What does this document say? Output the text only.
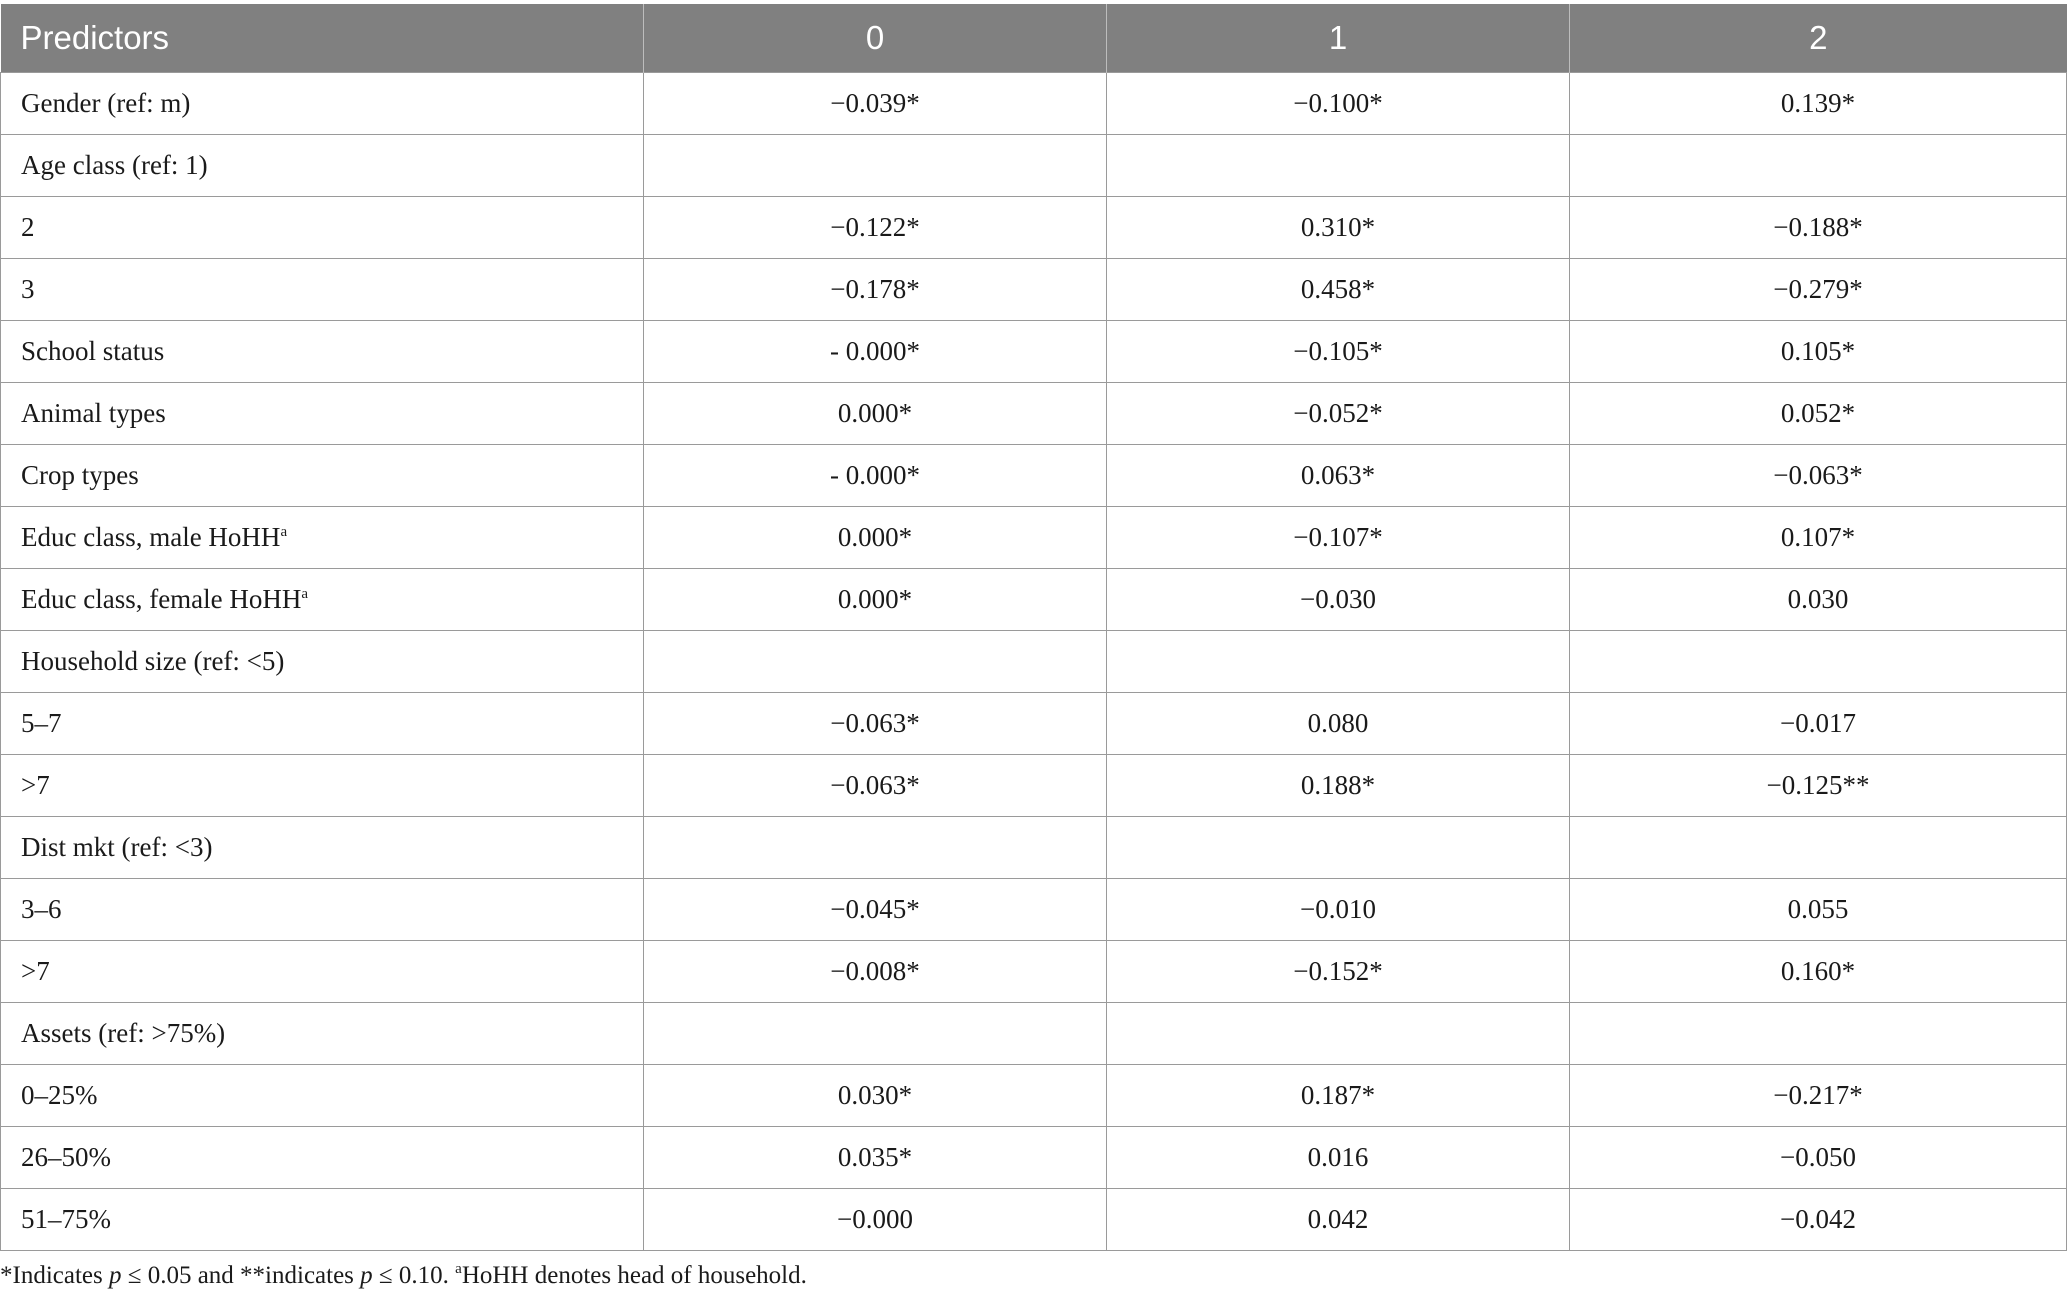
Predictors	0	1	2
Gender (ref: m)	−0.039*	−0.100*	0.139*
Age class (ref: 1)			
2	−0.122*	0.310*	−0.188*
3	−0.178*	0.458*	−0.279*
School status	- 0.000*	−0.105*	0.105*
Animal types	0.000*	−0.052*	0.052*
Crop types	- 0.000*	0.063*	−0.063*
Educ class, male HoHH$^a$	0.000*	−0.107*	0.107*
Educ class, female HoHH$^a$	0.000*	−0.030	0.030
Household size (ref: <5)			
5–7	−0.063*	0.080	−0.017
>7	−0.063*	0.188*	−0.125**
Dist mkt (ref: <3)			
3–6	−0.045*	−0.010	0.055
>7	−0.008*	−0.152*	0.160*
Assets (ref: >75%)			
0–25%	0.030*	0.187*	−0.217*
26–50%	0.035*	0.016	−0.050
51–75%	−0.000	0.042	−0.042
*Indicates p ≤ 0.05 and **indicates p ≤ 0.10. $^a$HoHH denotes head of household.
